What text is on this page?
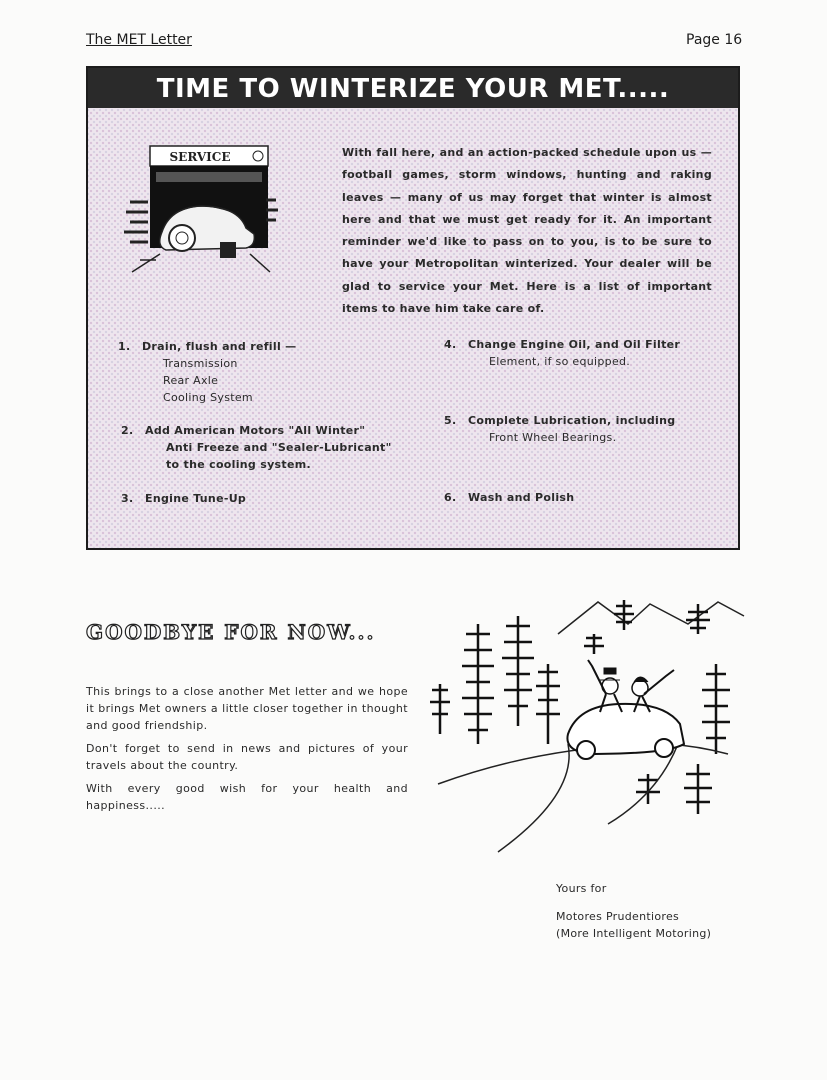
The MET Letter	Page 16
TIME TO WINTERIZE YOUR MET.....
SERVICE	With fall here, and an action-packed schedule upon us — football games, storm windows, hunting and raking leaves — many of us may forget that winter is almost here and that we must get ready for it. An important reminder we'd like to pass on to you, is to be sure to have your Metropolitan winterized. Your dealer will be glad to service your Met. Here is a list of important items to have him take care of.
1. Drain, flush and refill —
Transmission
Rear Axle
Cooling System
2. Add American Motors "All Winter"
Anti Freeze and "Sealer-Lubricant"
to the cooling system.
3. Engine Tune-Up
4. Change Engine Oil, and Oil Filter
Element, if so equipped.
5. Complete Lubrication, including
Front Wheel Bearings.
6. Wash and Polish
GOODBYE FOR NOW...

This brings to a close another Met letter and we hope it brings Met owners a little closer together in thought and good friendship.

Don't forget to send in news and pictures of your travels about the country.

With every good wish for your health and happiness.....

Yours for
Motores Prudentiores
(More Intelligent Motoring)
